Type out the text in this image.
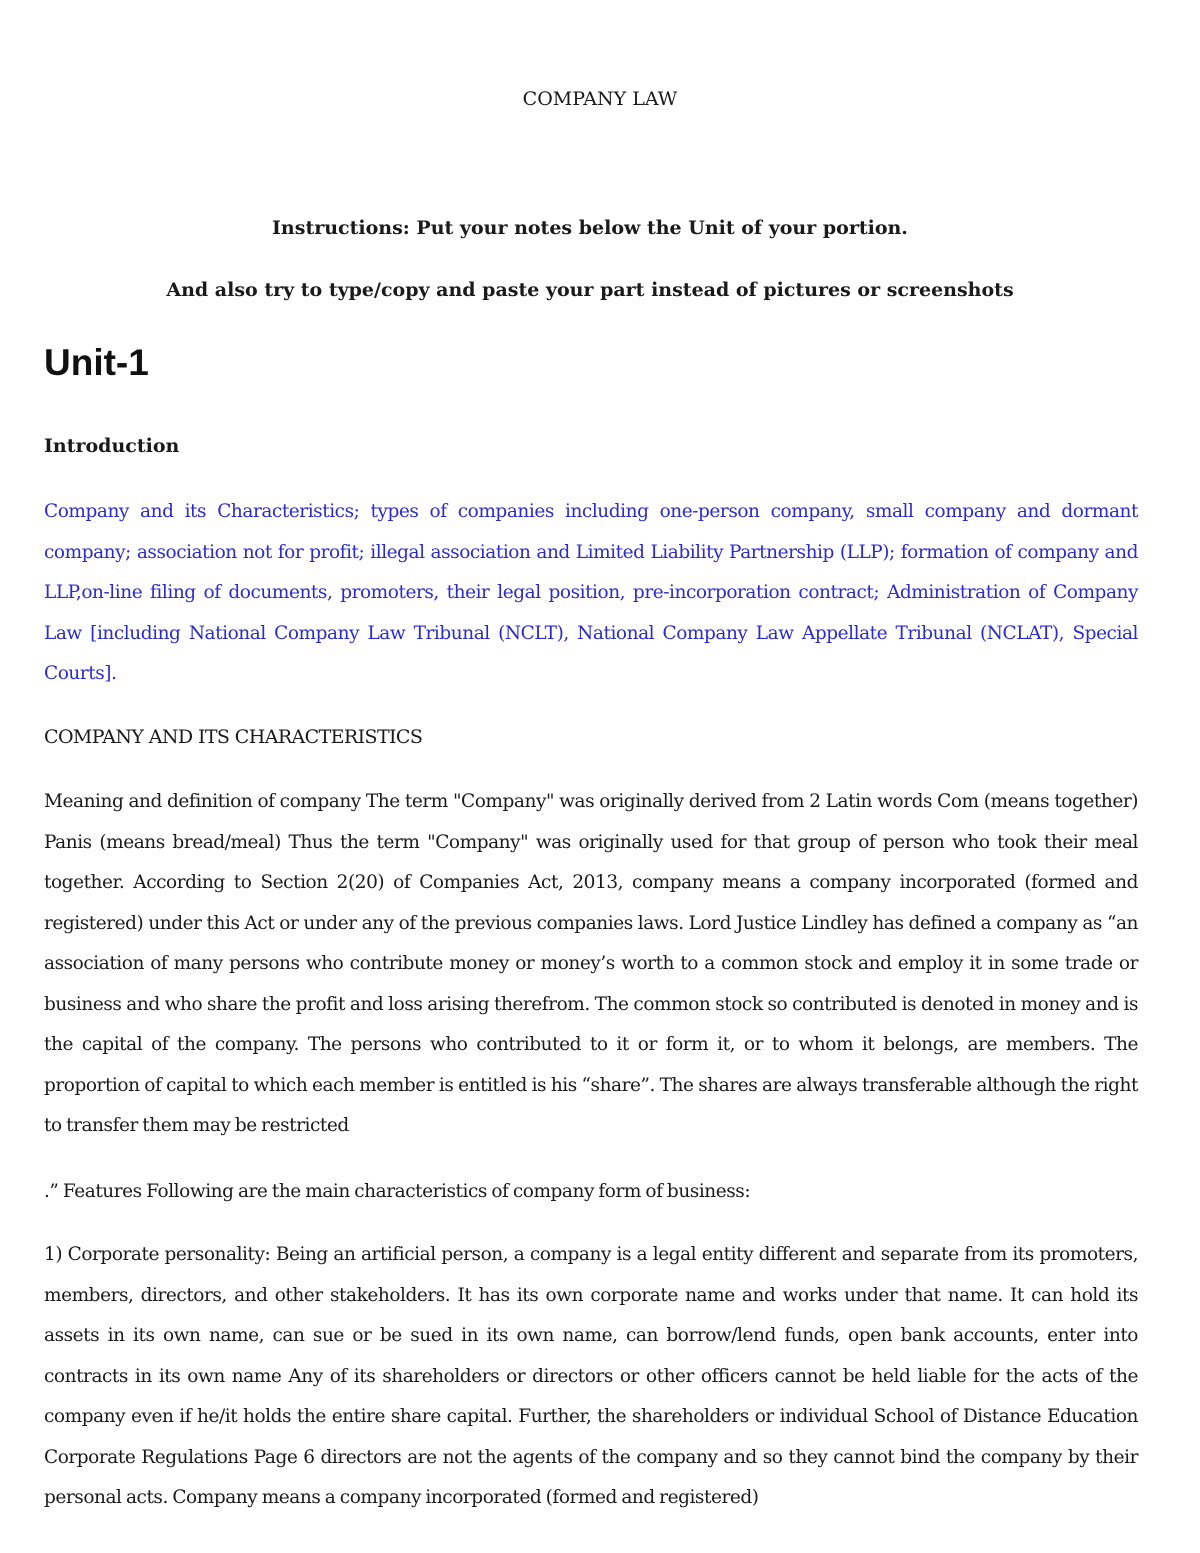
COMPANY LAW
Instructions: Put your notes below the Unit of your portion.
And also try to type/copy and paste your part instead of pictures or screenshots
Unit-1
Introduction
Company and its Characteristics; types of companies including one-person company, small company and dormant company; association not for profit; illegal association and Limited Liability Partnership (LLP); formation of company and LLP,on-line filing of documents, promoters, their legal position, pre-incorporation contract; Administration of Company Law [including National Company Law Tribunal (NCLT), National Company Law Appellate Tribunal (NCLAT), Special Courts].
COMPANY AND ITS CHARACTERISTICS
Meaning and definition of company The term "Company" was originally derived from 2 Latin words Com (means together) Panis (means bread/meal) Thus the term "Company" was originally used for that group of person who took their meal together. According to Section 2(20) of Companies Act, 2013, company means a company incorporated (formed and registered) under this Act or under any of the previous companies laws. Lord Justice Lindley has defined a company as “an association of many persons who contribute money or money’s worth to a common stock and employ it in some trade or business and who share the profit and loss arising therefrom. The common stock so contributed is denoted in money and is the capital of the company. The persons who contributed to it or form it, or to whom it belongs, are members. The proportion of capital to which each member is entitled is his “share”. The shares are always transferable although the right to transfer them may be restricted
.” Features Following are the main characteristics of company form of business:
1) Corporate personality: Being an artificial person, a company is a legal entity different and separate from its promoters, members, directors, and other stakeholders. It has its own corporate name and works under that name. It can hold its assets in its own name, can sue or be sued in its own name, can borrow/lend funds, open bank accounts, enter into contracts in its own name Any of its shareholders or directors or other officers cannot be held liable for the acts of the company even if he/it holds the entire share capital. Further, the shareholders or individual School of Distance Education Corporate Regulations Page 6 directors are not the agents of the company and so they cannot bind the company by their personal acts. Company means a company incorporated (formed and registered)
